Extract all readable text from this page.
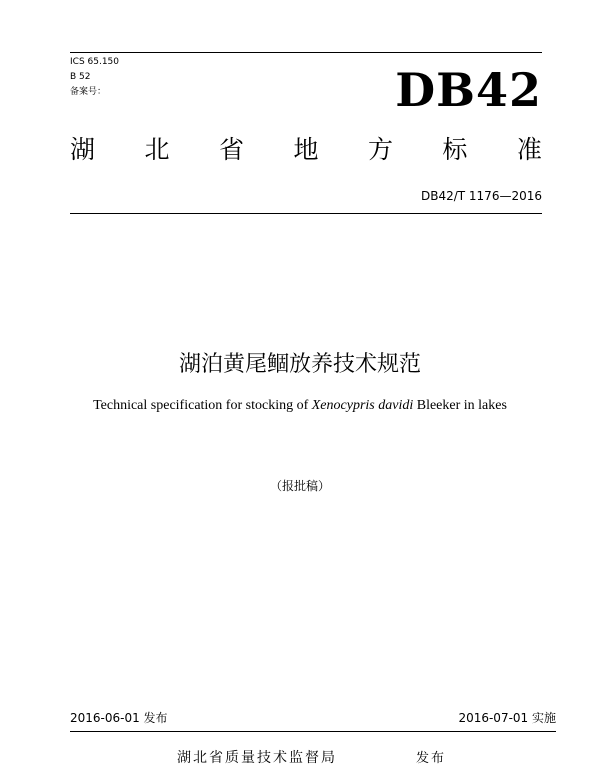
ICS 65.150
B 52
备案号：	DB42
湖 北 省 地 方 标 准
DB42/T 1176—2016
湖泊黄尾鲴放养技术规范
Technical specification for stocking of Xenocypris davidi Bleeker in lakes
（报批稿）
2016-06-01 发布	2016-07-01 实施
湖北省质量技术监督局	发布
